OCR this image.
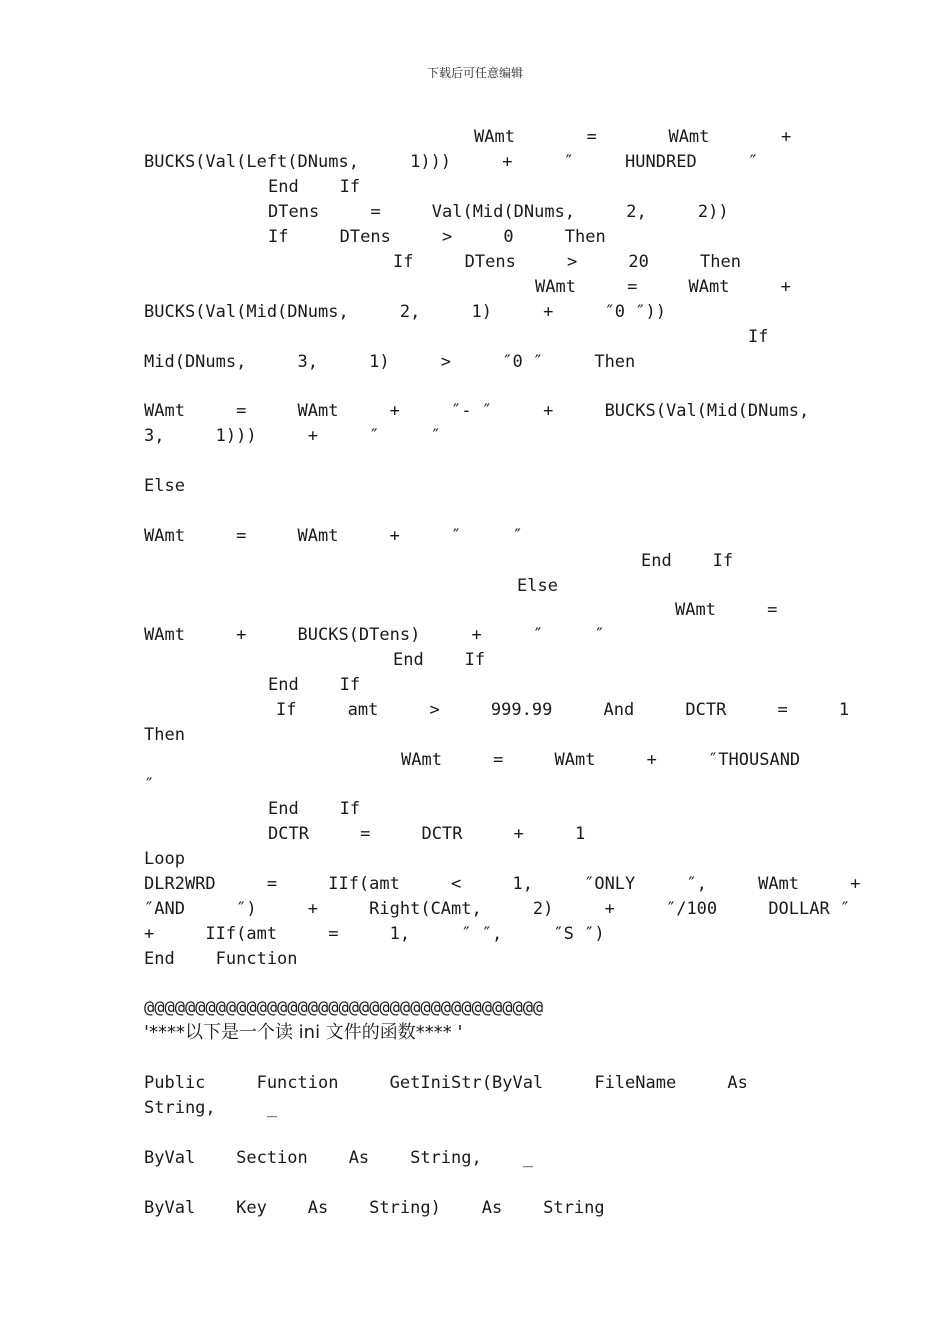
下载后可任意编辑
WAmt       =       WAmt       +
BUCKS(Val(Left(DNums,     1)))     +     ″     HUNDRED     ″
End    If
DTens     =     Val(Mid(DNums,     2,     2))
If     DTens     >     0     Then
If     DTens     >     20     Then
WAmt     =     WAmt     +
BUCKS(Val(Mid(DNums,     2,     1)     +     ″0 ″))
If
Mid(DNums,     3,     1)     >     ″0 ″     Then
WAmt     =     WAmt     +     ″- ″     +     BUCKS(Val(Mid(DNums,
3,     1)))     +     ″     ″
Else
WAmt     =     WAmt     +     ″     ″
End    If
Else
WAmt     =
WAmt     +     BUCKS(DTens)     +     ″     ″
End    If
End    If
If     amt     >     999.99     And     DCTR     =     1
Then
WAmt     =     WAmt     +     ″THOUSAND
″
End    If
DCTR     =     DCTR     +     1
Loop
DLR2WRD     =     IIf(amt     <     1,     ″ONLY     ″,     WAmt     +
″AND     ″)     +     Right(CAmt,     2)     +     ″/100     DOLLAR ″
+     IIf(amt     =     1,     ″ ″,     ″S ″)
End    Function
@@@@@@@@@@@@@@@@@@@@@@@@@@@@@@@@@@@@@@@
'****以下是一个读 ini 文件的函数**** '
Public     Function     GetIniStr(ByVal     FileName     As
String,     _
ByVal    Section    As    String,    _
ByVal    Key    As    String)    As    String
